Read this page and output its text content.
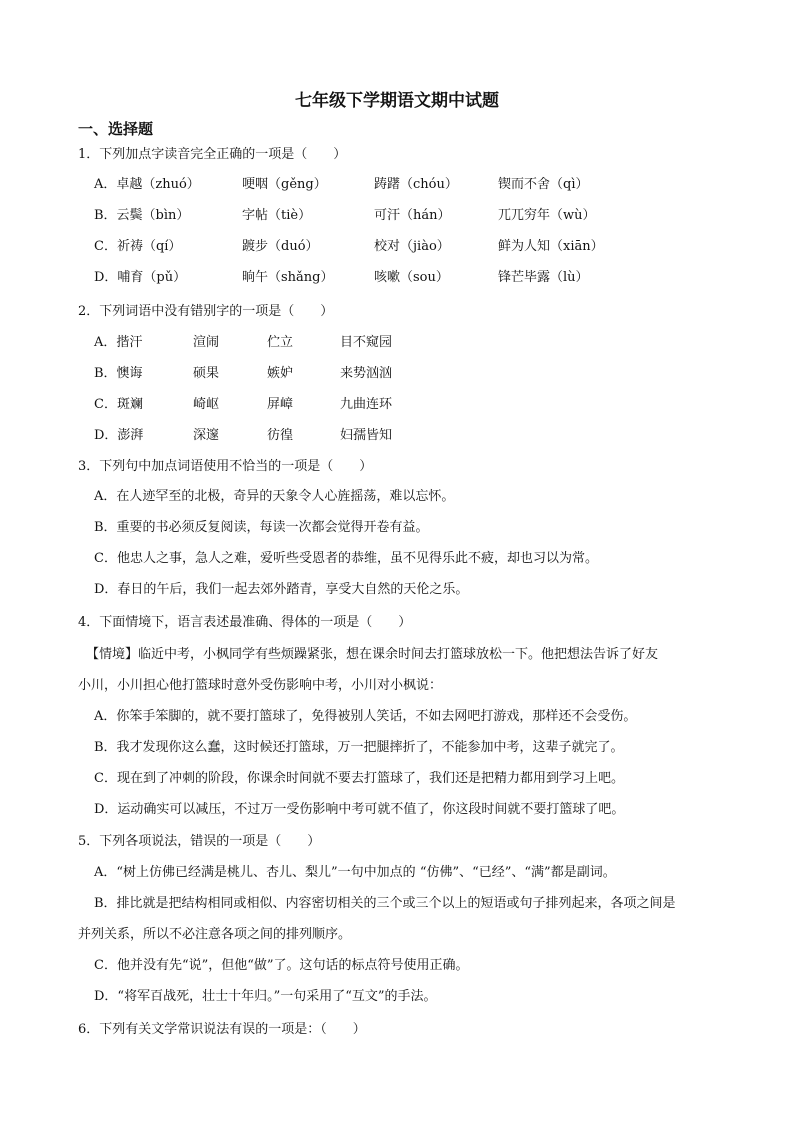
七年级下学期语文期中试题
一、选择题
1．下列加点字读音完全正确的一项是（　　）
A．卓越（zhuó）	哽咽（gěng）	踌躇（chóu）	锲而不舍（qì）
B．云鬓（bìn）	字帖（tiè）	可汗（hán）	兀兀穷年（wù）
C．祈祷（qí）	踱步（duó）	校对（jiào）	鲜为人知（xiān）
D．哺育（pǔ）	晌午（shǎng）	咳嗽（sou）	锋芒毕露（lù）
2．下列词语中没有错别字的一项是（　　）
A．揩汗	渲闹	伫立	目不窥园
B．懊诲	硕果	嫉妒	来势汹汹
C．斑斓	崎岖	屏嶂	九曲连环
D．澎湃	深邃	彷徨	妇孺皆知
3．下列句中加点词语使用不恰当的一项是（　　）
A．在人迹罕至的北极，奇异的天象令人心旌摇荡，难以忘怀。
B．重要的书必须反复阅读，每读一次都会觉得开卷有益。
C．他忠人之事，急人之难，爱听些受恩者的恭维，虽不见得乐此不疲，却也习以为常。
D．春日的午后，我们一起去郊外踏青，享受大自然的天伦之乐。
4．下面情境下，语言表述最准确、得体的一项是（　　）
【情境】临近中考，小枫同学有些烦躁紧张，想在课余时间去打篮球放松一下。他把想法告诉了好友
小川，小川担心他打篮球时意外受伤影响中考，小川对小枫说：
A．你笨手笨脚的，就不要打篮球了，免得被别人笑话，不如去网吧打游戏，那样还不会受伤。
B．我才发现你这么蠢，这时候还打篮球，万一把腿摔折了，不能参加中考，这辈子就完了。
C．现在到了冲刺的阶段，你课余时间就不要去打篮球了，我们还是把精力都用到学习上吧。
D．运动确实可以减压，不过万一受伤影响中考可就不值了，你这段时间就不要打篮球了吧。
5．下列各项说法，错误的一项是（　　）
A．“树上仿佛已经满是桃儿、杏儿、梨儿”一句中加点的 “仿佛”、“已经”、“满”都是副词。
B．排比就是把结构相同或相似、内容密切相关的三个或三个以上的短语或句子排列起来，各项之间是
并列关系，所以不必注意各项之间的排列顺序。
C．他并没有先“说”，但他“做”了。这句话的标点符号使用正确。
D．“将军百战死，壮士十年归。”一句采用了“互文”的手法。
6．下列有关文学常识说法有误的一项是：（　　）
